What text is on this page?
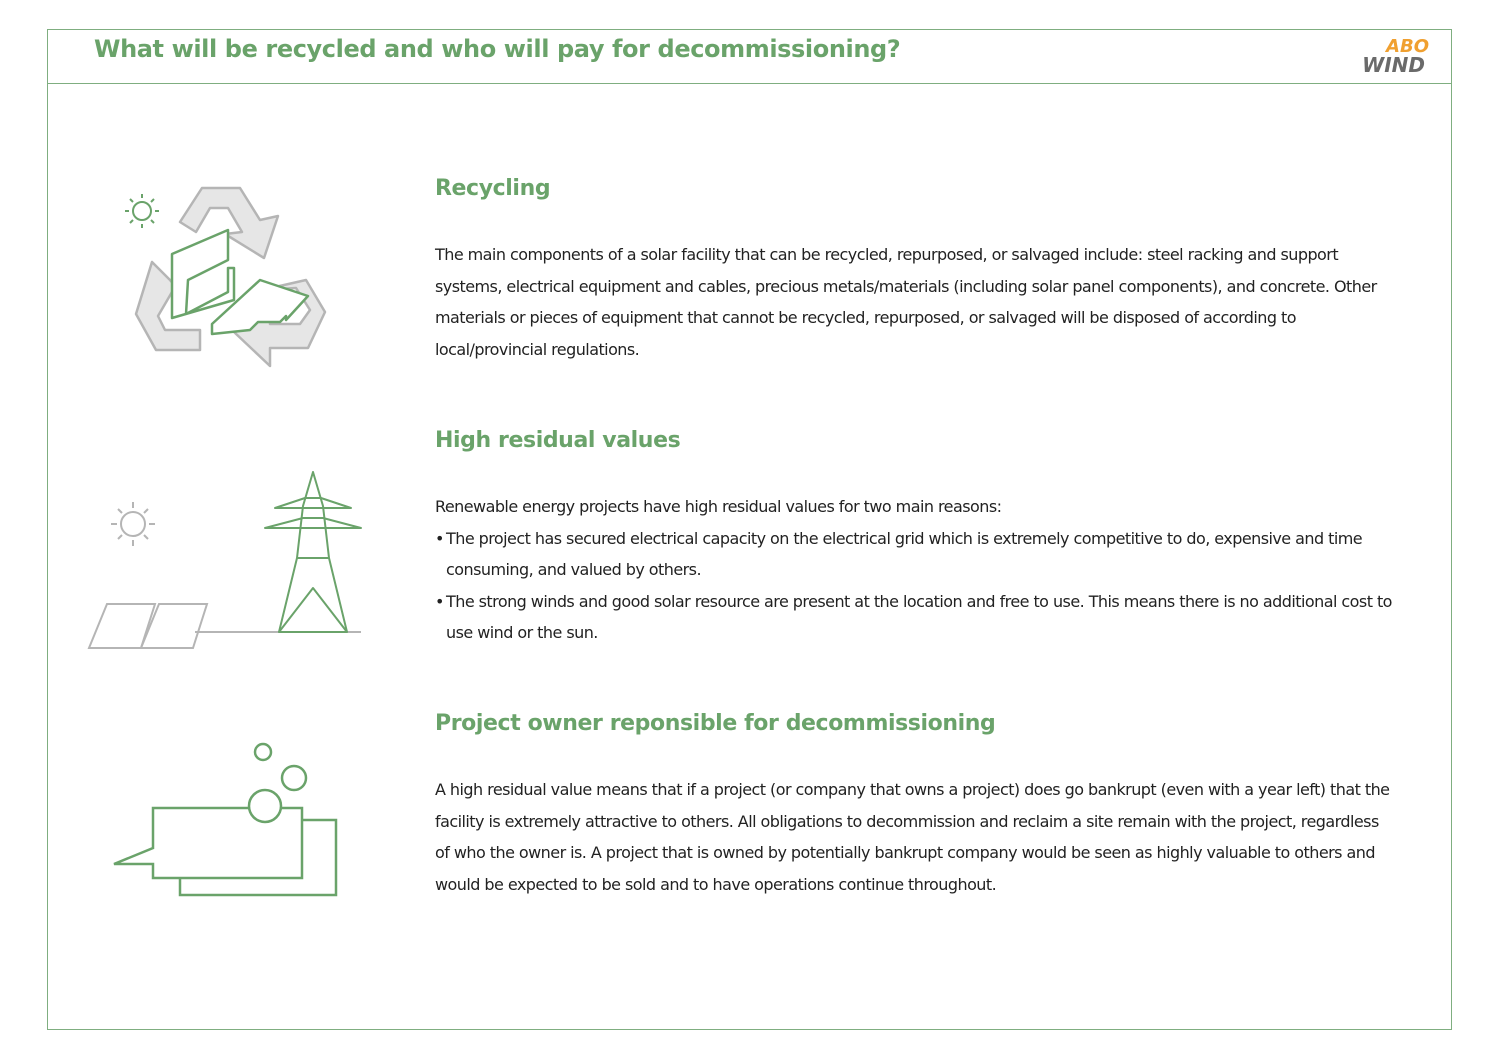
What will be recycled and who will pay for decommissioning?	ABO
WIND
Recycling

The main components of a solar facility that can be recycled, repurposed, or salvaged include: steel racking and support systems, electrical equipment and cables, precious metals/materials (including solar panel components), and concrete. Other materials or pieces of equipment that cannot be recycled, repurposed, or salvaged will be disposed of according to local/provincial regulations.

High residual values

Renewable energy projects have high residual values for two main reasons:

• The project has secured electrical capacity on the electrical grid which is extremely competitive to do, expensive and time consuming, and valued by others.
• The strong winds and good solar resource are present at the location and free to use. This means there is no additional cost to use wind or the sun.
Project owner reponsible for decommissioning

A high residual value means that if a project (or company that owns a project) does go bankrupt (even with a year left) that the facility is extremely attractive to others. All obligations to decommission and reclaim a site remain with the project, regardless of who the owner is. A project that is owned by potentially bankrupt company would be seen as highly valuable to others and would be expected to be sold and to have operations continue throughout.
